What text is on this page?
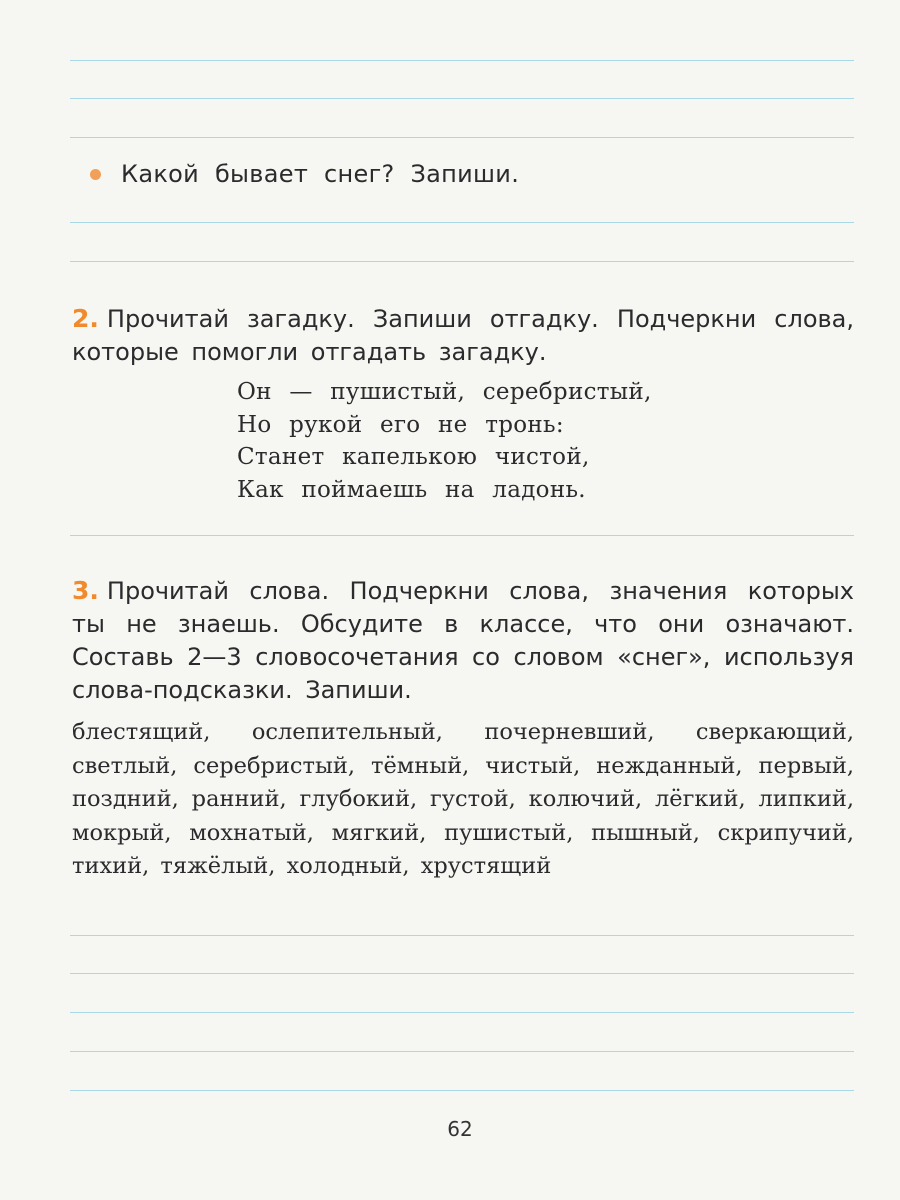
Какой бывает снег? Запиши.
2. Прочитай загадку. Запиши отгадку. Подчеркни слова, которые помогли отгадать загадку.
Он — пушистый, серебристый,
Но рукой его не тронь:
Станет капелькою чистой,
Как поймаешь на ладонь.
3. Прочитай слова. Подчеркни слова, значения которых ты не знаешь. Обсудите в классе, что они означают. Составь 2—3 словосочетания со словом «снег», используя слова-подсказки. Запиши.
блестящий, ослепительный, почерневший, сверкающий, светлый, серебристый, тёмный, чистый, нежданный, первый, поздний, ранний, глубокий, густой, колючий, лёгкий, липкий, мокрый, мохнатый, мягкий, пушистый, пышный, скрипучий, тихий, тяжёлый, холодный, хрустящий
62
